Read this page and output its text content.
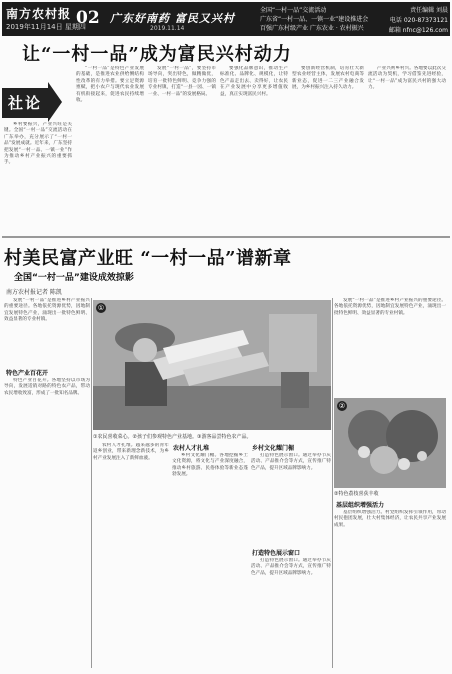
南方农村报
2019年11月14日 星期四
02 广东好南药 富民又兴村
2019.11.14
全国“一村一品”交流活动
广东省“一村一品、一镇一业”建设推进会
百强广东村级产业 广东农业 · 农村振兴
责任编辑 刘晨
电话 020-87373121
邮箱 nfnc@126.com
让“一村一品”成为富民兴村动力
社论

乡村要振兴，产业兴旺是关键。全国“一村一品”交流活动在广东举办，充分展示了“一村一品”发展成就。近年来，广东坚持把发展“一村一品、一镇一业”作为推动乡村产业振兴的重要抓手。

“一村一品”是特色产业发展的基础，是推进农业供给侧结构性改革的有力举措。要立足资源禀赋，把小农户与现代农业发展有机衔接起来，促进农民持续增收。

发展“一村一品”，要坚持市场导向，突出特色，做精做优，培育一批特色鲜明、竞争力强的专业村镇，打造“一县一园、一镇一业、一村一品”的发展格局。

要强化品牌意识，推动生产标准化、品牌化、规模化，让特色产品走出去、卖得好，让农民在产业发展中分享更多增值收益，真正实现富民兴村。

要创新经营机制，培育壮大新型农业经营主体，发展农村电商等新业态，促进一二三产业融合发展，为乡村振兴注入持久动力。

产业兴则乡村兴。各地要以此次交流活动为契机，学习借鉴先进经验，让“一村一品”成为富民兴村的强大动力。

村美民富产业旺 “一村一品”谱新章
全国“一村一品”建设成效掠影
南方农村报记者 陈凯

发展“一村一品”是推进乡村产业振兴的重要途径。各地依托资源优势，因地制宜发展特色产业，涌现出一批特色鲜明、效益显著的专业村镇。

特色产业百花开

特色产业百花开。各地坚持以市场为导向，发展适销对路的特色农产品，带动农民增收致富，形成了一批知名品牌。

①
①农民喜收菜心。②孩子们参观特色产业基地。③游客品尝特色农产品。

农村人才扎堆。越来越多的青年返乡创业，带来新理念新技术，为乡村产业发展注入了新鲜血液。

农村人才扎堆

乡村文化耀门楣。各地挖掘乡土文化资源，将文化与产业深度融合，推动乡村旅游、民俗体验等新业态蓬勃发展。

乡村文化耀门楣

打造特色展示窗口。通过举办节庆活动、产品推介会等方式，宣传推广特色产品，提升区域品牌影响力。

打造特色展示窗口

打造特色展示窗口。通过举办节庆活动、产品推介会等方式，宣传推广特色产品，提升区域品牌影响力。

发展“一村一品”是推进乡村产业振兴的重要途径。各地依托资源优势，因地制宜发展特色产业，涌现出一批特色鲜明、效益显著的专业村镇。

②
②特色荔枝喜获丰收
基层组织增强活力

基层组织增强活力。村党组织发挥引领作用，带动村民抱团发展，壮大村集体经济，让农民共享产业发展成果。
